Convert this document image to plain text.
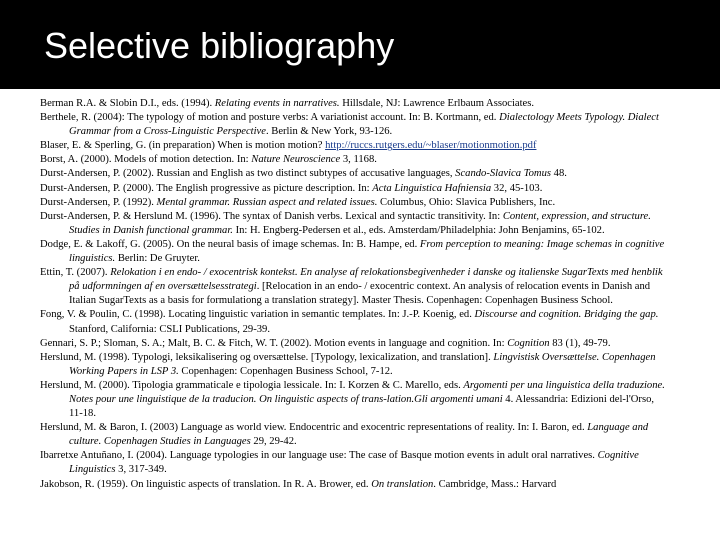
Selective bibliography
Berman R.A. & Slobin D.I., eds. (1994). Relating events in narratives. Hillsdale, NJ: Lawrence Erlbaum Associates.
Berthele, R. (2004): The typology of motion and posture verbs: A variationist account. In: B. Kortmann, ed. Dialectology Meets Typology. Dialect Grammar from a Cross-Linguistic Perspective. Berlin & New York, 93-126.
Blaser, E. & Sperling, G. (in preparation) When is motion motion? http://ruccs.rutgers.edu/~blaser/motionmotion.pdf
Borst, A. (2000). Models of motion detection. In: Nature Neuroscience 3, 1168.
Durst-Andersen, P. (2002). Russian and English as two distinct subtypes of accusative languages, Scando-Slavica Tomus 48.
Durst-Andersen, P. (2000). The English progressive as picture description. In: Acta Linguistica Hafniensia 32, 45-103.
Durst-Andersen, P. (1992). Mental grammar. Russian aspect and related issues. Columbus, Ohio: Slavica Publishers, Inc.
Durst-Andersen, P. & Herslund M. (1996). The syntax of Danish verbs. Lexical and syntactic transitivity. In: Content, expression, and structure. Studies in Danish functional grammar. In: H. Engberg-Pedersen et al., eds. Amsterdam/Philadelphia: John Benjamins, 65-102.
Dodge, E. & Lakoff, G. (2005). On the neural basis of image schemas. In: B. Hampe, ed. From perception to meaning: Image schemas in cognitive linguistics. Berlin: De Gruyter.
Ettin, T. (2007). Relokation i en endo- / exocentrisk kontekst. En analyse af relokationsbegivenheder i danske og italienske SugarTexts med henblik på udformningen af en oversættelsesstrategi. [Relocation in an endo- / exocentric context. An analysis of relocation events in Danish and Italian SugarTexts as a basis for formulationg a translation strategy]. Master Thesis. Copenhagen: Copenhagen Business School.
Fong, V. & Poulin, C. (1998). Locating linguistic variation in semantic templates. In: J.-P. Koenig, ed. Discourse and cognition. Bridging the gap. Stanford, California: CSLI Publications, 29-39.
Gennari, S. P.; Sloman, S. A.; Malt, B. C. & Fitch, W. T. (2002). Motion events in language and cognition. In: Cognition 83 (1), 49-79.
Herslund, M. (1998). Typologi, leksikalisering og oversættelse. [Typology, lexicalization, and translation]. Lingvistisk Oversættelse. Copenhagen Working Papers in LSP 3. Copenhagen: Copenhagen Business School, 7-12.
Herslund, M. (2000). Tipologia grammaticale e tipologia lessicale. In: I. Korzen & C. Marello, eds. Argomenti per una linguistica della traduzione. Notes pour une linguistique de la traducion. On linguistic aspects of trans-lation.Gli argomenti umani 4. Alessandria: Edizioni del-l'Orso, 11-18.
Herslund, M. & Baron, I. (2003) Language as world view. Endocentric and exocentric representations of reality. In: I. Baron, ed. Language and culture. Copenhagen Studies in Languages 29, 29-42.
Ibarretxe Antuñano, I. (2004). Language typologies in our language use: The case of Basque motion events in adult oral narratives. Cognitive Linguistics 3, 317-349.
Jakobson, R. (1959). On linguistic aspects of translation. In R. A. Brower, ed. On translation. Cambridge, Mass.: Harvard
